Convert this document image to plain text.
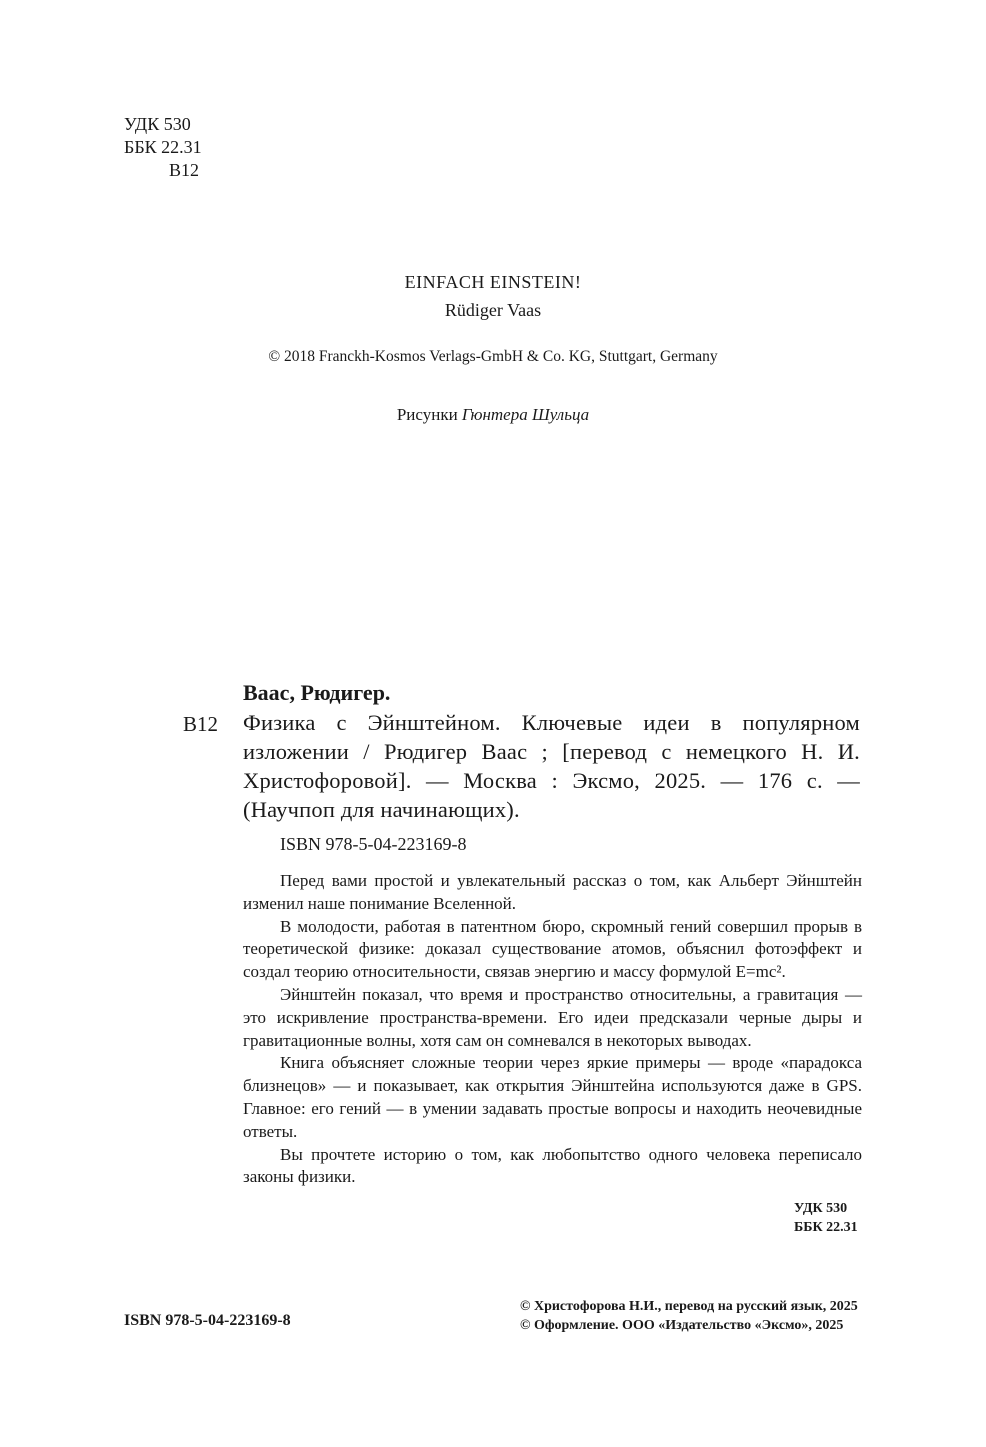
УДК 530
ББК 22.31
В12
EINFACH EINSTEIN!
Rüdiger Vaas
© 2018 Franckh-Kosmos Verlags-GmbH & Co. KG, Stuttgart, Germany
Рисунки Гюнтера Шульца
Ваас, Рюдигер.
В12 Физика с Эйнштейном. Ключевые идеи в популярном изложении / Рюдигер Ваас ; [перевод с немецкого Н. И. Христофоровой]. — Москва : Эксмо, 2025. — 176 с. — (Научпоп для начинающих).
ISBN 978-5-04-223169-8

Перед вами простой и увлекательный рассказ о том, как Альберт Эйнштейн изменил наше понимание Вселенной.

В молодости, работая в патентном бюро, скромный гений совершил прорыв в теоретической физике: доказал существование атомов, объяснил фотоэффект и создал теорию относительности, связав энергию и массу формулой E=mc².

Эйнштейн показал, что время и пространство относительны, а гравитация — это искривление пространства-времени. Его идеи предсказали черные дыры и гравитационные волны, хотя сам он сомневался в некоторых выводах.

Книга объясняет сложные теории через яркие примеры — вроде «парадокса близнецов» — и показывает, как открытия Эйнштейна используются даже в GPS. Главное: его гений — в умении задавать простые вопросы и находить неочевидные ответы.

Вы прочтете историю о том, как любопытство одного человека переписало законы физики.

УДК 530
ББК 22.31
ISBN 978-5-04-223169-8
© Христофорова Н.И., перевод на русский язык, 2025
© Оформление. ООО «Издательство «Эксмо», 2025
